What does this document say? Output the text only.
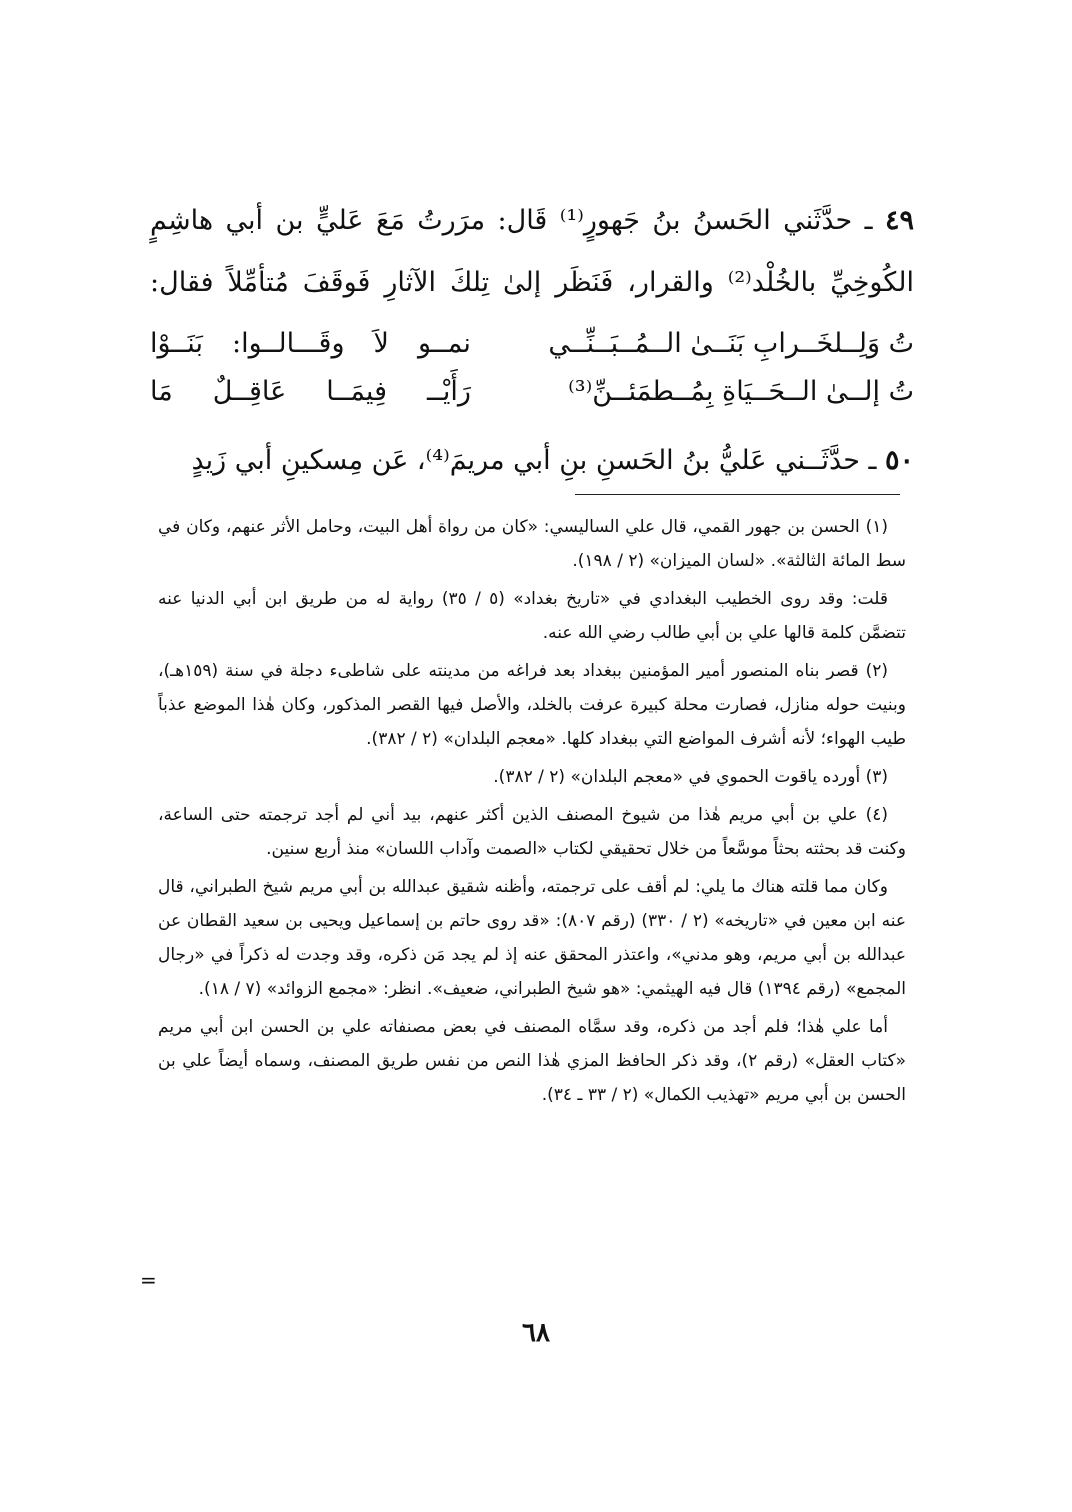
٤٩ ـ حدَّثَني الحَسنُ بنُ جَهورٍ⁽¹⁾ قَال: مرَرتُ مَعَ عَليٍّ بن أبي هاشِمٍ الكُوخِيِّ بالخُلْد⁽²⁾ والقرار، فَنَظَر إلىٰ تِلكَ الآثارِ فَوقَفَ مُتأمِّلاً فقال:

تُ وَلِــلخَــرابِ بَنَــىٰ الــمُــبَــنِّــي
نمــو
لاَ
وقَـــالــوا:
بَنَــوْا
تُ إلــىٰ الــحَــيَاةِ بِمُــطمَئــنِّ⁽³⁾
رَأَيْــ
فِيمَــا
عَاقِــلٌ
مَا

٥٠ ـ حدَّثَــني عَليُّ بنُ الحَسنِ بنِ أبي مريمَ⁽⁴⁾، عَن مِسكينِ أبي زَيدٍ

(١) الحسن بن جهور القمي، قال علي الساليسي: «كان من رواة أهل البيت، وحامل الأثر عنهم، وكان في سط المائة الثالثة». «لسان الميزان» (٢ / ١٩٨).

قلت: وقد روى الخطيب البغدادي في «تاريخ بغداد» (٥ / ٣٥) رواية له من طريق ابن أبي الدنيا عنه تتضمَّن كلمة قالها علي بن أبي طالب رضي الله عنه.

(٢) قصر بناه المنصور أمير المؤمنين ببغداد بعد فراغه من مدينته على شاطىء دجلة في سنة (١٥٩هـ)، وبنيت حوله منازل، فصارت محلة كبيرة عرفت بالخلد، والأصل فيها القصر المذكور، وكان هٰذا الموضع عذباً طيب الهواء؛ لأنه أشرف المواضع التي ببغداد كلها. «معجم البلدان» (٢ / ٣٨٢).

(٣) أورده ياقوت الحموي في «معجم البلدان» (٢ / ٣٨٢).

(٤) علي بن أبي مريم هٰذا من شيوخ المصنف الذين أكثر عنهم، بيد أني لم أجد ترجمته حتى الساعة، وكنت قد بحثته بحثاً موسَّعاً من خلال تحقيقي لكتاب «الصمت وآداب اللسان» منذ أربع سنين.

وكان مما قلته هناك ما يلي: لم أقف على ترجمته، وأظنه شقيق عبدالله بن أبي مريم شيخ الطبراني، قال عنه ابن معين في «تاريخه» (٢ / ٣٣٠) (رقم ٨٠٧): «قد روى حاتم بن إسماعيل ويحيى بن سعيد القطان عن عبدالله بن أبي مريم، وهو مدني»، واعتذر المحقق عنه إذ لم يجد مَن ذكره، وقد وجدت له ذكراً في «رجال المجمع» (رقم ١٣٩٤) قال فيه الهيثمي: «هو شيخ الطبراني، ضعيف». انظر: «مجمع الزوائد» (٧ / ١٨).

أما علي هٰذا؛ فلم أجد من ذكره، وقد سمَّاه المصنف في بعض مصنفاته علي بن الحسن ابن أبي مريم «كتاب العقل» (رقم ٢)، وقد ذكر الحافظ المزي هٰذا النص من نفس طريق المصنف، وسماه أيضاً علي بن الحسن بن أبي مريم «تهذيب الكمال» (٢ / ٣٣ ـ ٣٤).

=
٦٨
